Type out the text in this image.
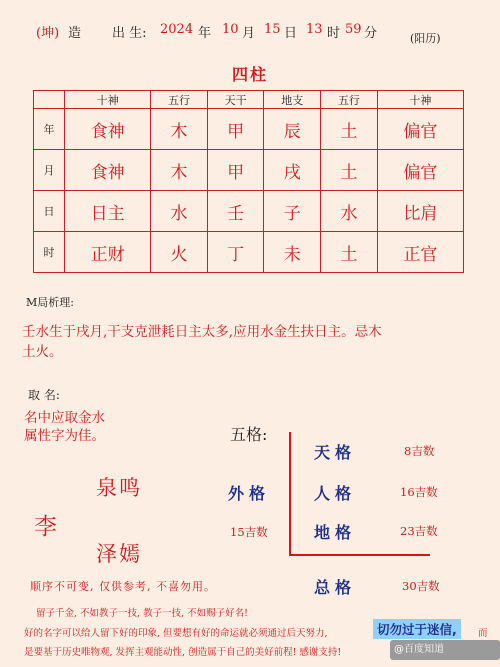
(坤) 造 出 生: 2024 年 10 月 15 日 13 时 59 分	(阳历)
四柱
	十神	五行	天干	地支	五行	十神
年	食神	木	甲	辰	土	偏官
月	食神	木	甲	戌	土	偏官
日	日主	水	壬	子	水	比肩
时	正财	火	丁	未	土	正官
M局析理:
壬水生于戌月,干支克泄耗日主太多,应用水金生扶日主。忌木
土火。
取 名:
名中应取金水
属性字为佳。
泉鸣
李
泽嫣
顺序不可变, 仅供参考, 不喜勿用。
五格:
天格	8吉数
外格	人格	16吉数
15吉数	地格	23吉数
总格	30吉数
留子千金, 不如教子一技, 教子一技, 不如赐子好名!
好的名字可以给人留下好的印象, 但要想有好的命运就必须通过后天努力,	切勿过于迷信,	而
是要基于历史唯物观, 发挥主观能动性, 创造属于自己的美好前程! 感谢支持!	@百度知道
